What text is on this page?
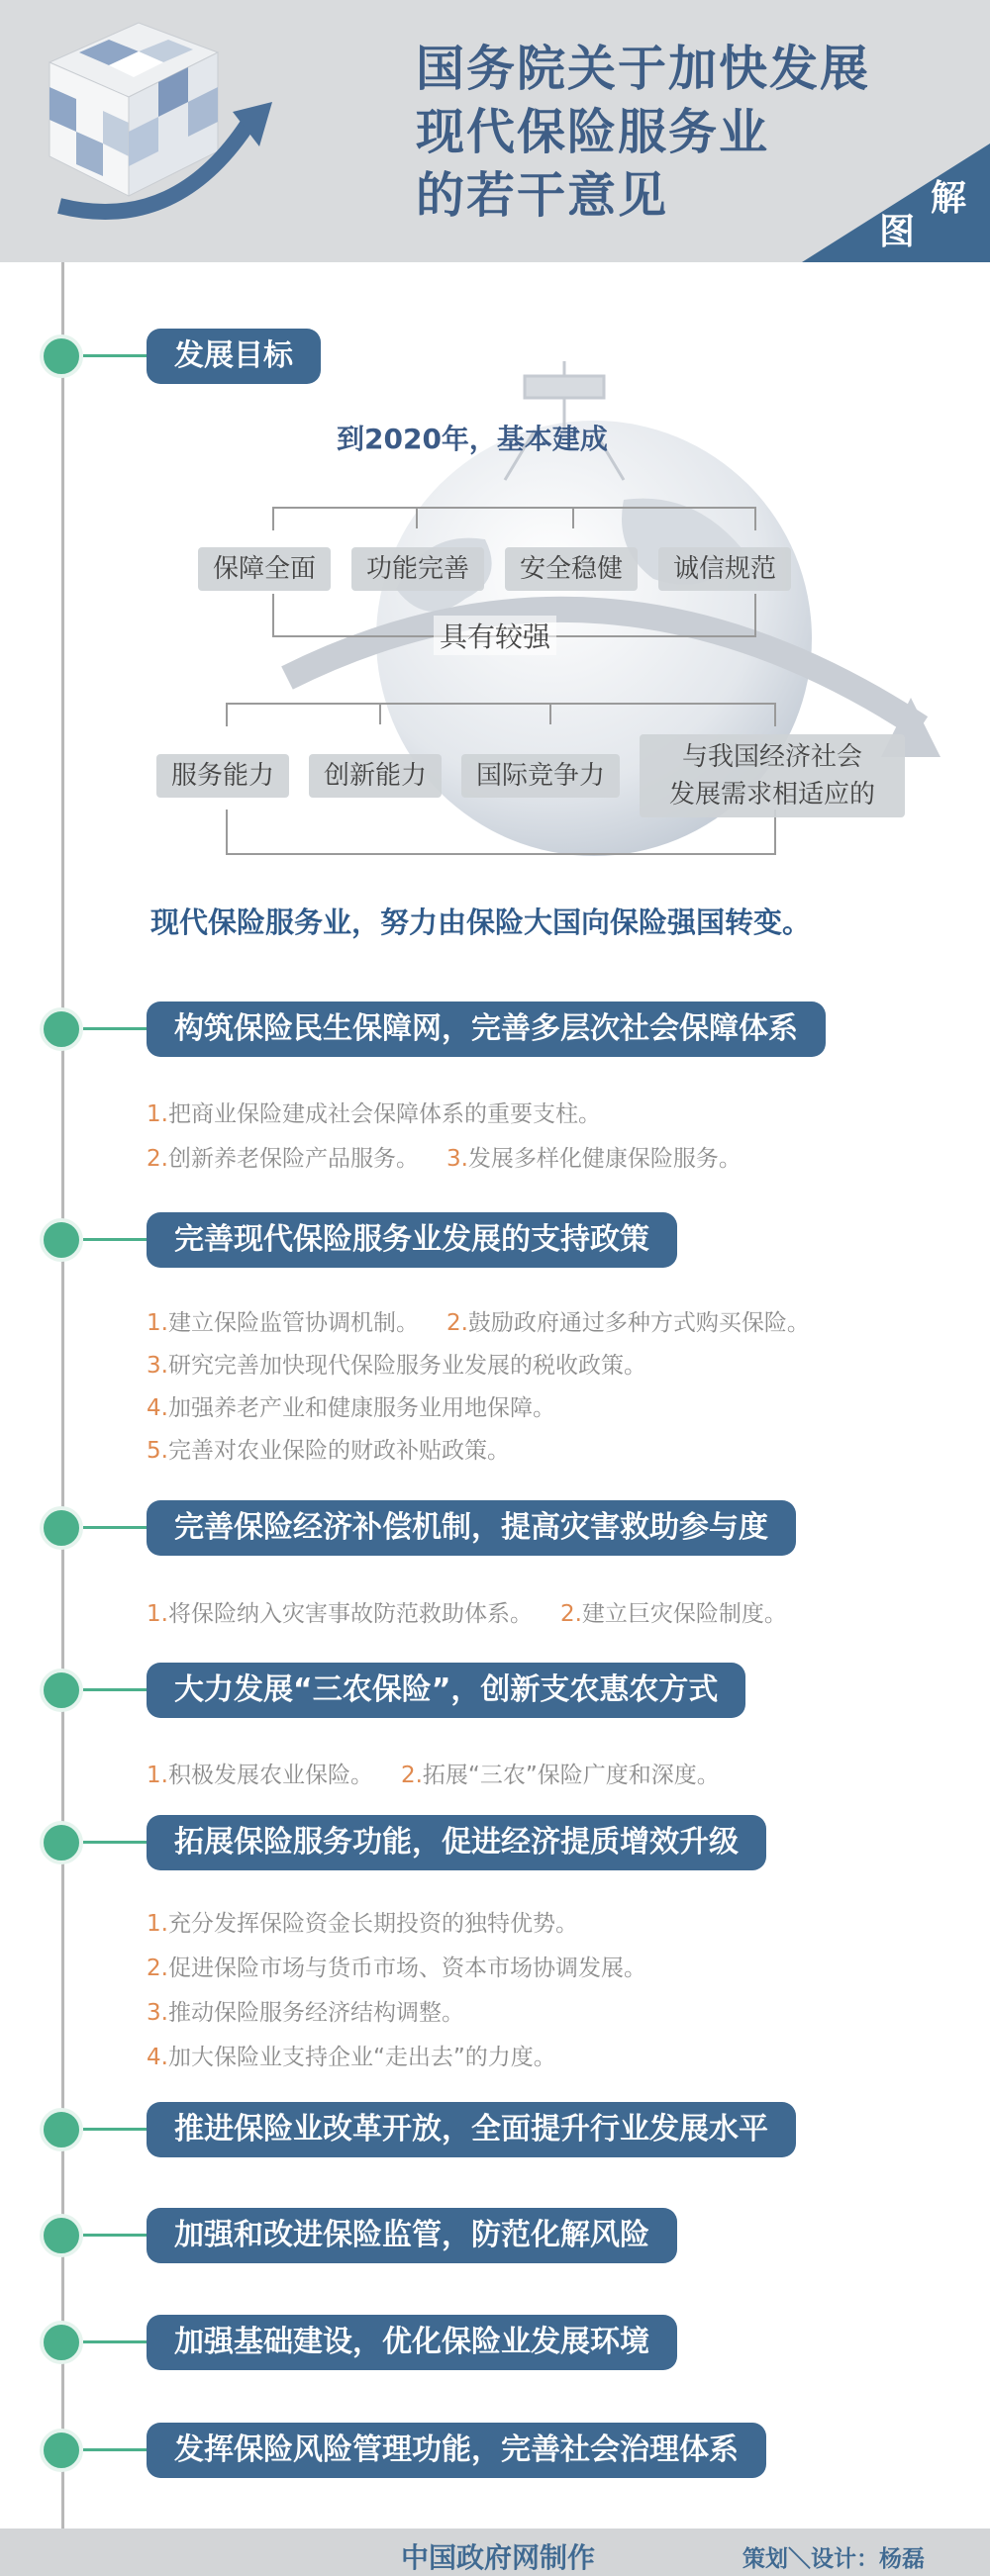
国务院关于加快发展
现代保险服务业
的若干意见
图
解
发展目标
到2020年，基本建成
保障全面	功能完善	安全稳健	诚信规范
具有较强
服务能力	创新能力	国际竞争力
与我国经济社会
发展需求相适应的
现代保险服务业，努力由保险大国向保险强国转变。
构筑保险民生保障网，完善多层次社会保障体系
1.把商业保险建成社会保障体系的重要支柱。
2.创新养老保险产品服务。 3.发展多样化健康保险服务。
完善现代保险服务业发展的支持政策
1.建立保险监管协调机制。 2.鼓励政府通过多种方式购买保险。
3.研究完善加快现代保险服务业发展的税收政策。
4.加强养老产业和健康服务业用地保障。
5.完善对农业保险的财政补贴政策。
完善保险经济补偿机制，提高灾害救助参与度
1.将保险纳入灾害事故防范救助体系。 2.建立巨灾保险制度。
大力发展“三农保险”，创新支农惠农方式
1.积极发展农业保险。 2.拓展“三农”保险广度和深度。
拓展保险服务功能，促进经济提质增效升级
1.充分发挥保险资金长期投资的独特优势。
2.促进保险市场与货币市场、资本市场协调发展。
3.推动保险服务经济结构调整。
4.加大保险业支持企业“走出去”的力度。
推进保险业改革开放，全面提升行业发展水平
加强和改进保险监管，防范化解风险
加强基础建设，优化保险业发展环境
发挥保险风险管理功能，完善社会治理体系
中国政府网制作	策划＼设计：杨磊
